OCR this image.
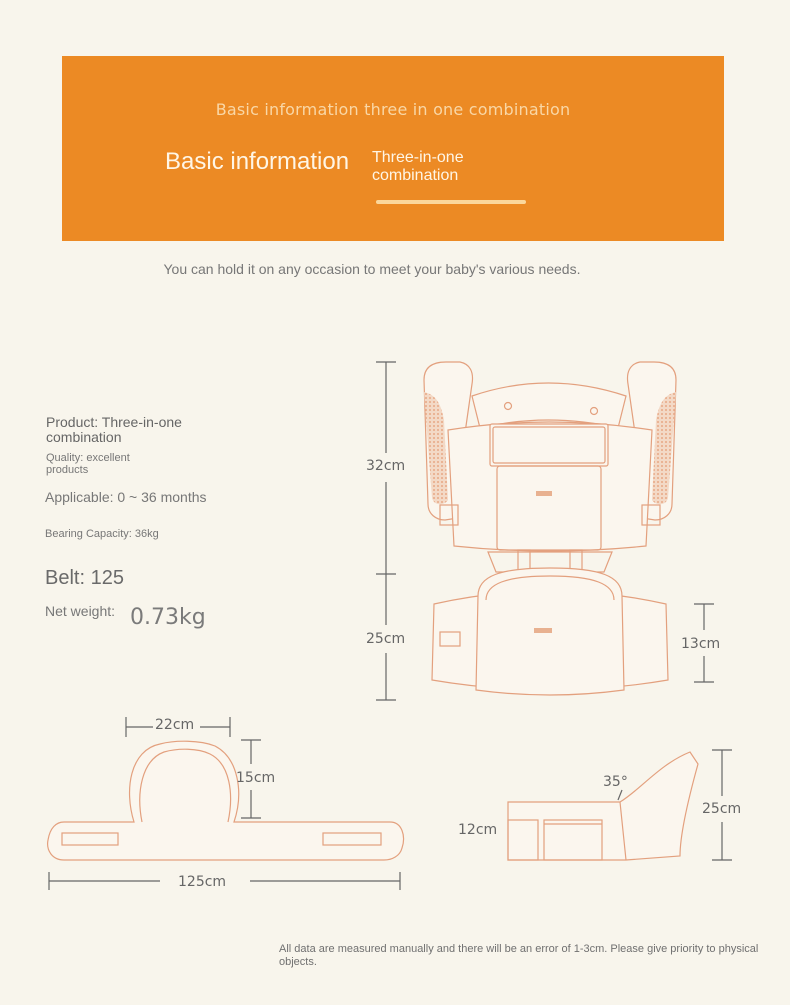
Basic information three in one combination
Basic information Three-in-one combination
You can hold it on any occasion to meet your baby's various needs.
Product: Three-in-one combination
Quality: excellent products
Applicable: 0 ~ 36 months
Bearing Capacity: 36kg
Belt: 125
Net weight: 0.73kg
32cm
25cm	13cm
22cm
15cm
125cm
35°
25cm
12cm
All data are measured manually and there will be an error of 1-3cm. Please give priority to physical objects.
